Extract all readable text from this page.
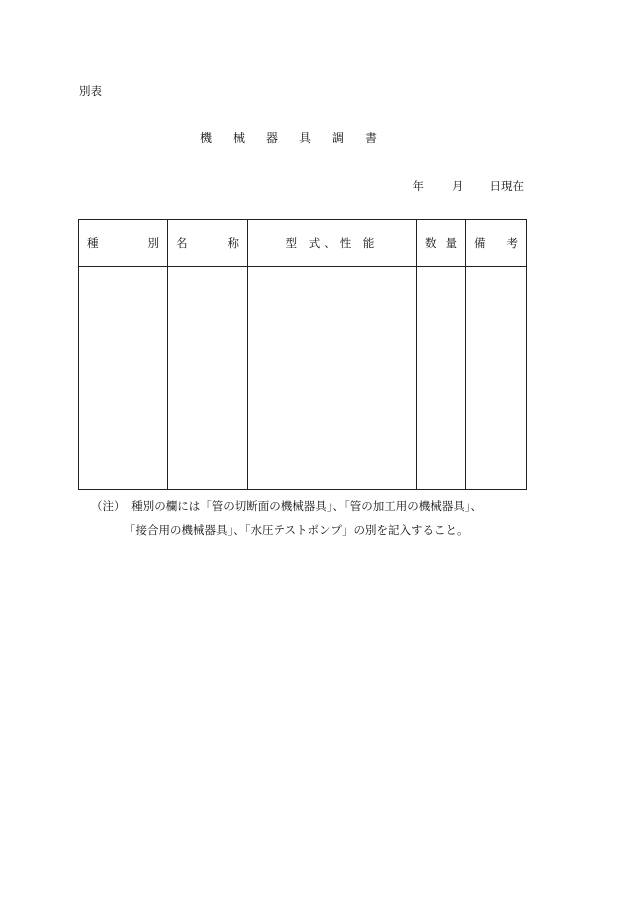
別表
機械器具調書
年 月 日現在
種 別	名 称	型 式、性 能	数 量	備 考

（注）　種別の欄には「管の切断面の機械器具」、「管の加工用の機械器具」、
「接合用の機械器具」、「水圧テストポンプ」の別を記入すること。
